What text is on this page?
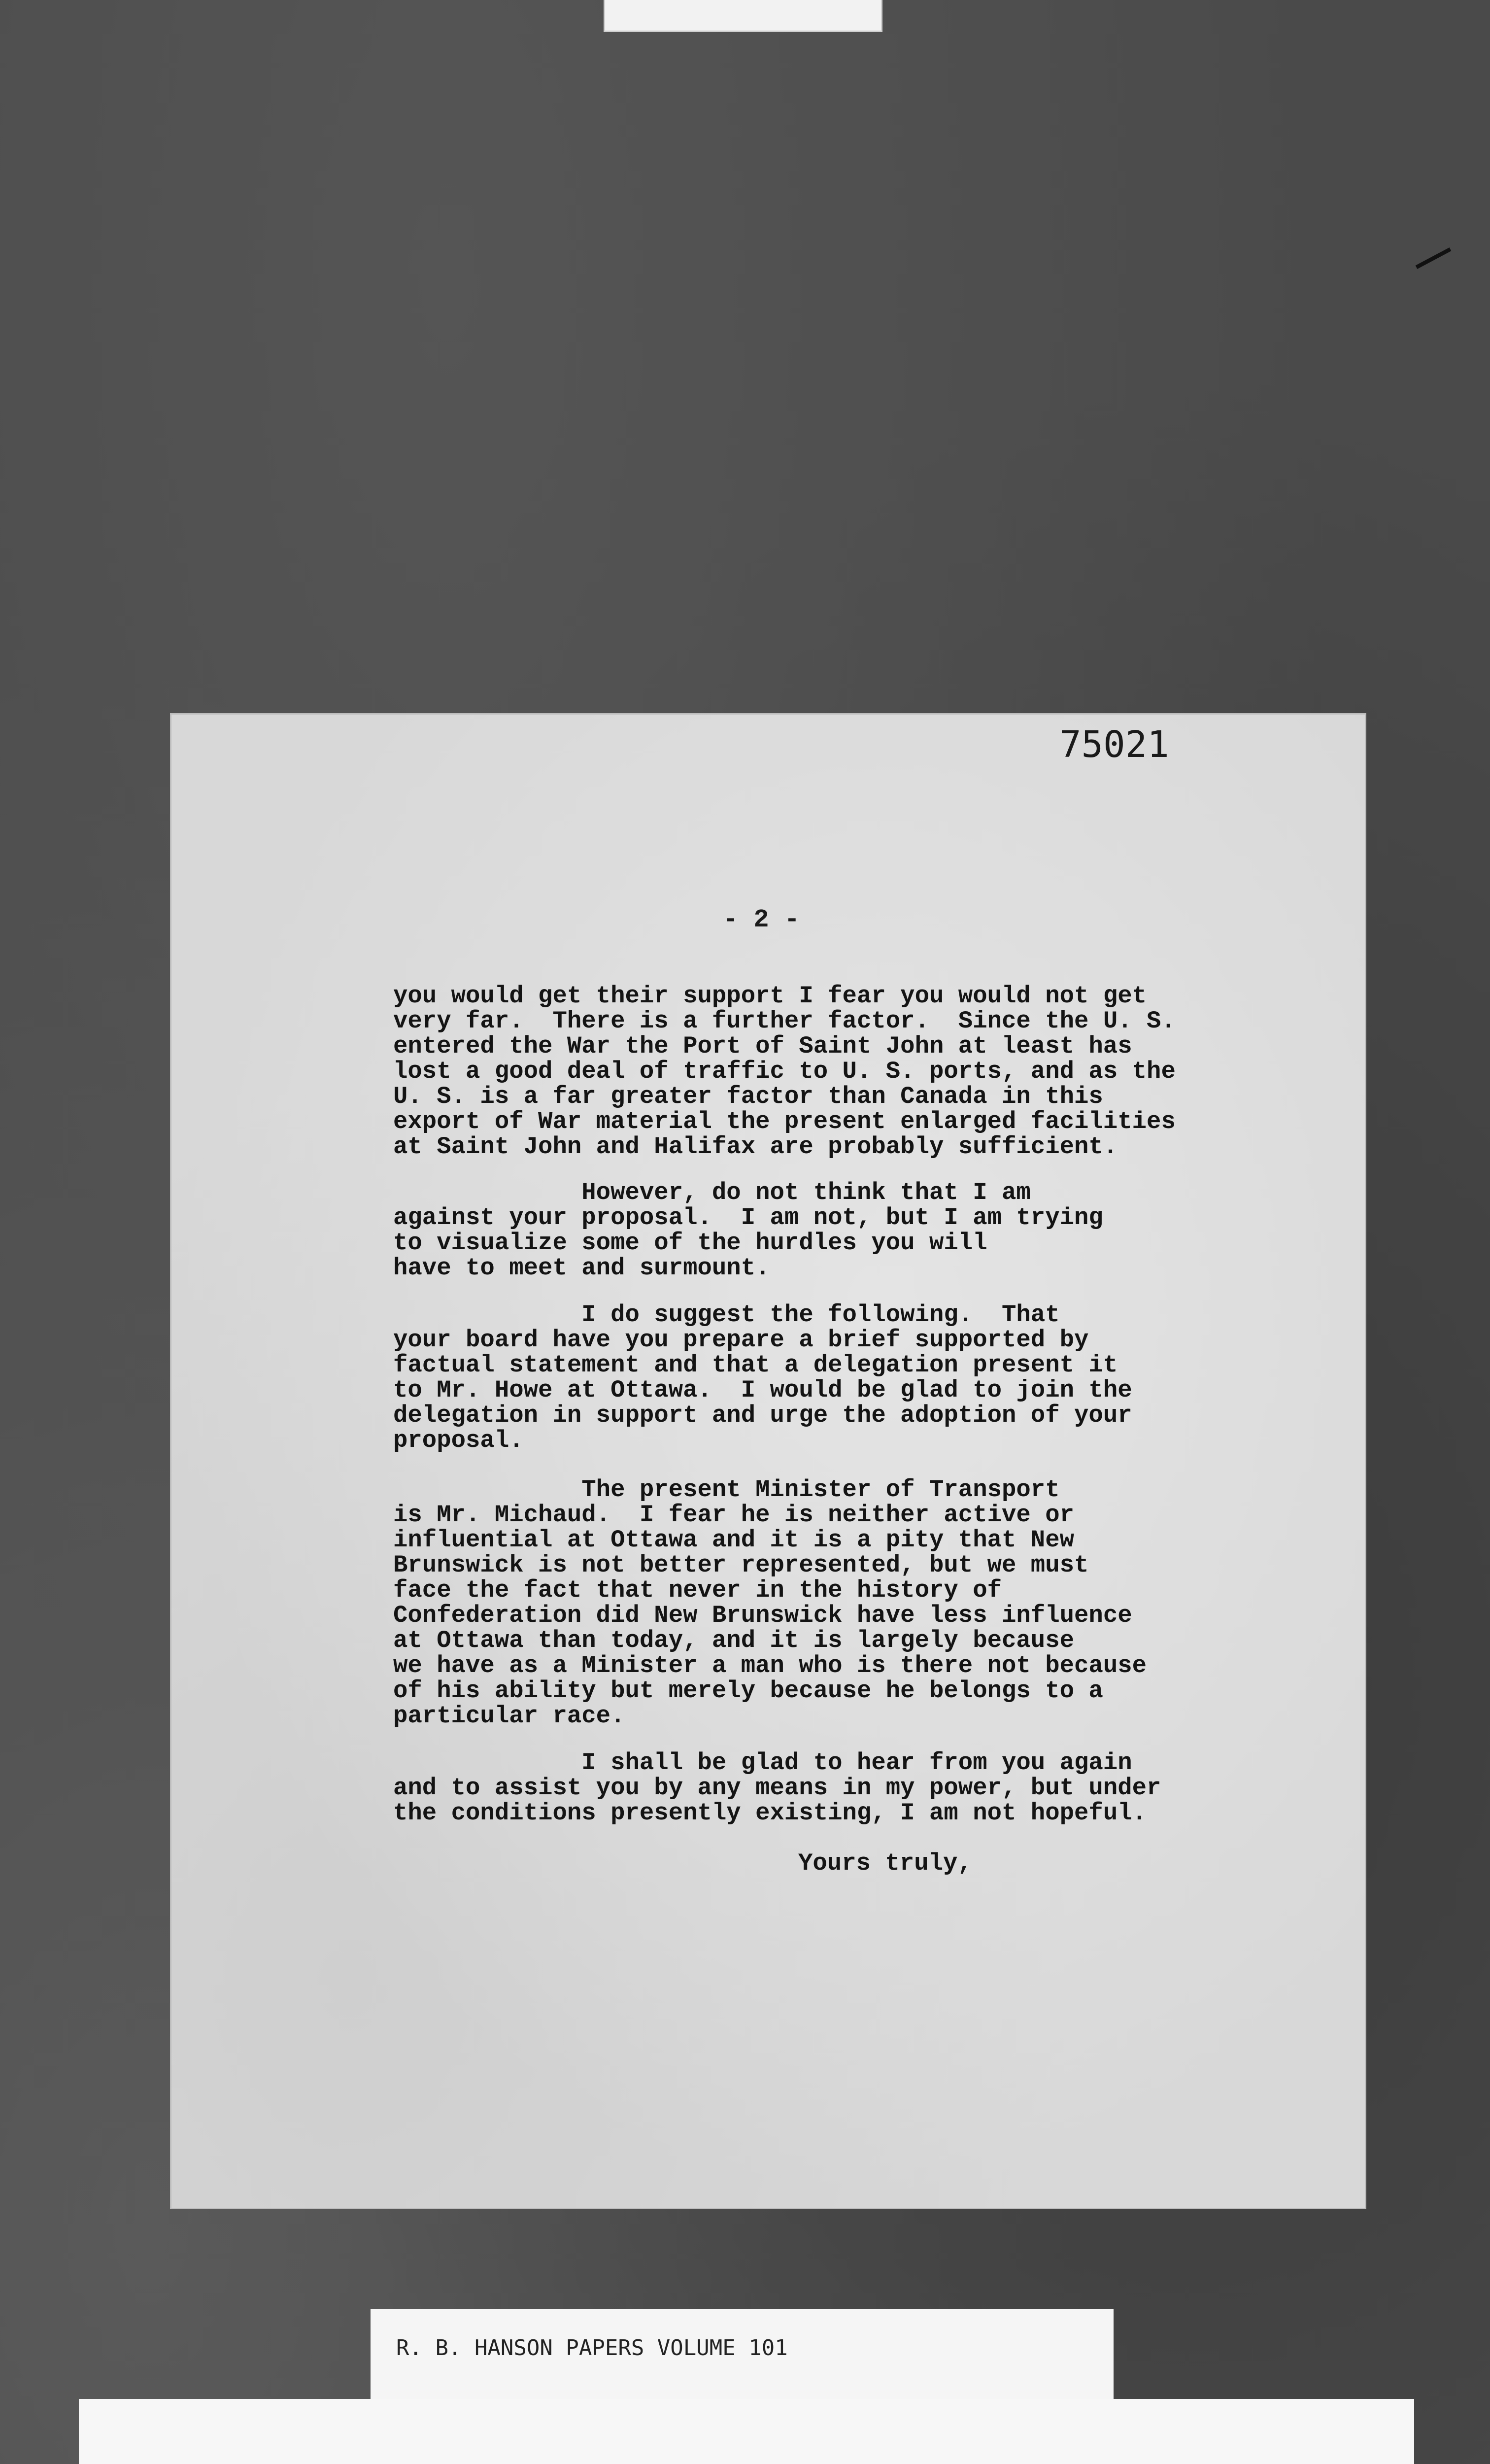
75021

- 2 -

you would get their support I fear you would not get
very far.  There is a further factor.  Since the U. S.
entered the War the Port of Saint John at least has
lost a good deal of traffic to U. S. ports, and as the
U. S. is a far greater factor than Canada in this
export of War material the present enlarged facilities
at Saint John and Halifax are probably sufficient.

However, do not think that I am
against your proposal.  I am not, but I am trying
to visualize some of the hurdles you will
have to meet and surmount.

I do suggest the following.  That
your board have you prepare a brief supported by
factual statement and that a delegation present it
to Mr. Howe at Ottawa.  I would be glad to join the
delegation in support and urge the adoption of your
proposal.

The present Minister of Transport
is Mr. Michaud.  I fear he is neither active or
influential at Ottawa and it is a pity that New
Brunswick is not better represented, but we must
face the fact that never in the history of
Confederation did New Brunswick have less influence
at Ottawa than today, and it is largely because
we have as a Minister a man who is there not because
of his ability but merely because he belongs to a
particular race.

I shall be glad to hear from you again
and to assist you by any means in my power, but under
the conditions presently existing, I am not hopeful.

Yours truly,

R. B. HANSON PAPERS VOLUME 101
